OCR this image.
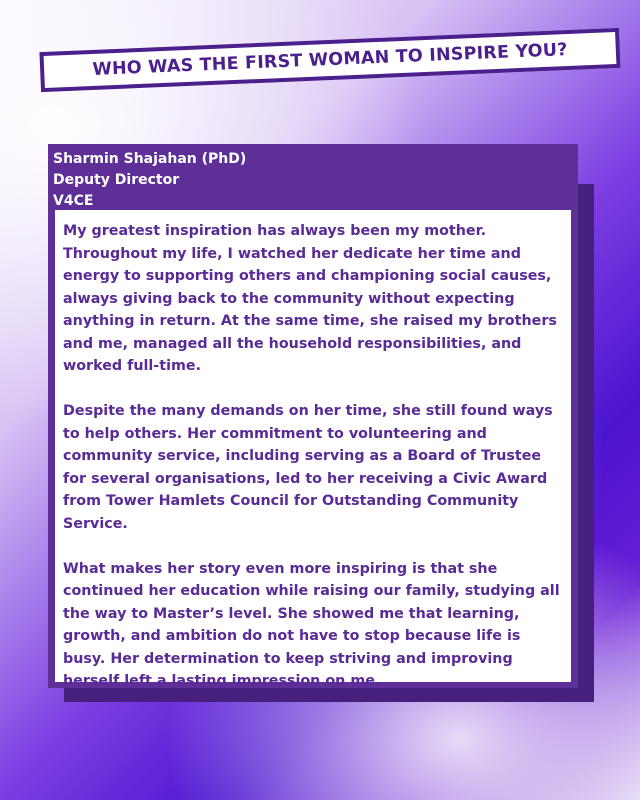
WHO WAS THE FIRST WOMAN TO INSPIRE YOU?
Sharmin Shajahan (PhD)
Deputy Director
V4CE

My greatest inspiration has always been my mother. Throughout my life, I watched her dedicate her time and energy to supporting others and championing social causes, always giving back to the community without expecting anything in return. At the same time, she raised my brothers and me, managed all the household responsibilities, and worked full-time.

Despite the many demands on her time, she still found ways to help others. Her commitment to volunteering and community service, including serving as a Board of Trustee for several organisations, led to her receiving a Civic Award from Tower Hamlets Council for Outstanding Community Service.

What makes her story even more inspiring is that she continued her education while raising our family, studying all the way to Master’s level. She showed me that learning, growth, and ambition do not have to stop because life is busy. Her determination to keep striving and improving herself left a lasting impression on me.
